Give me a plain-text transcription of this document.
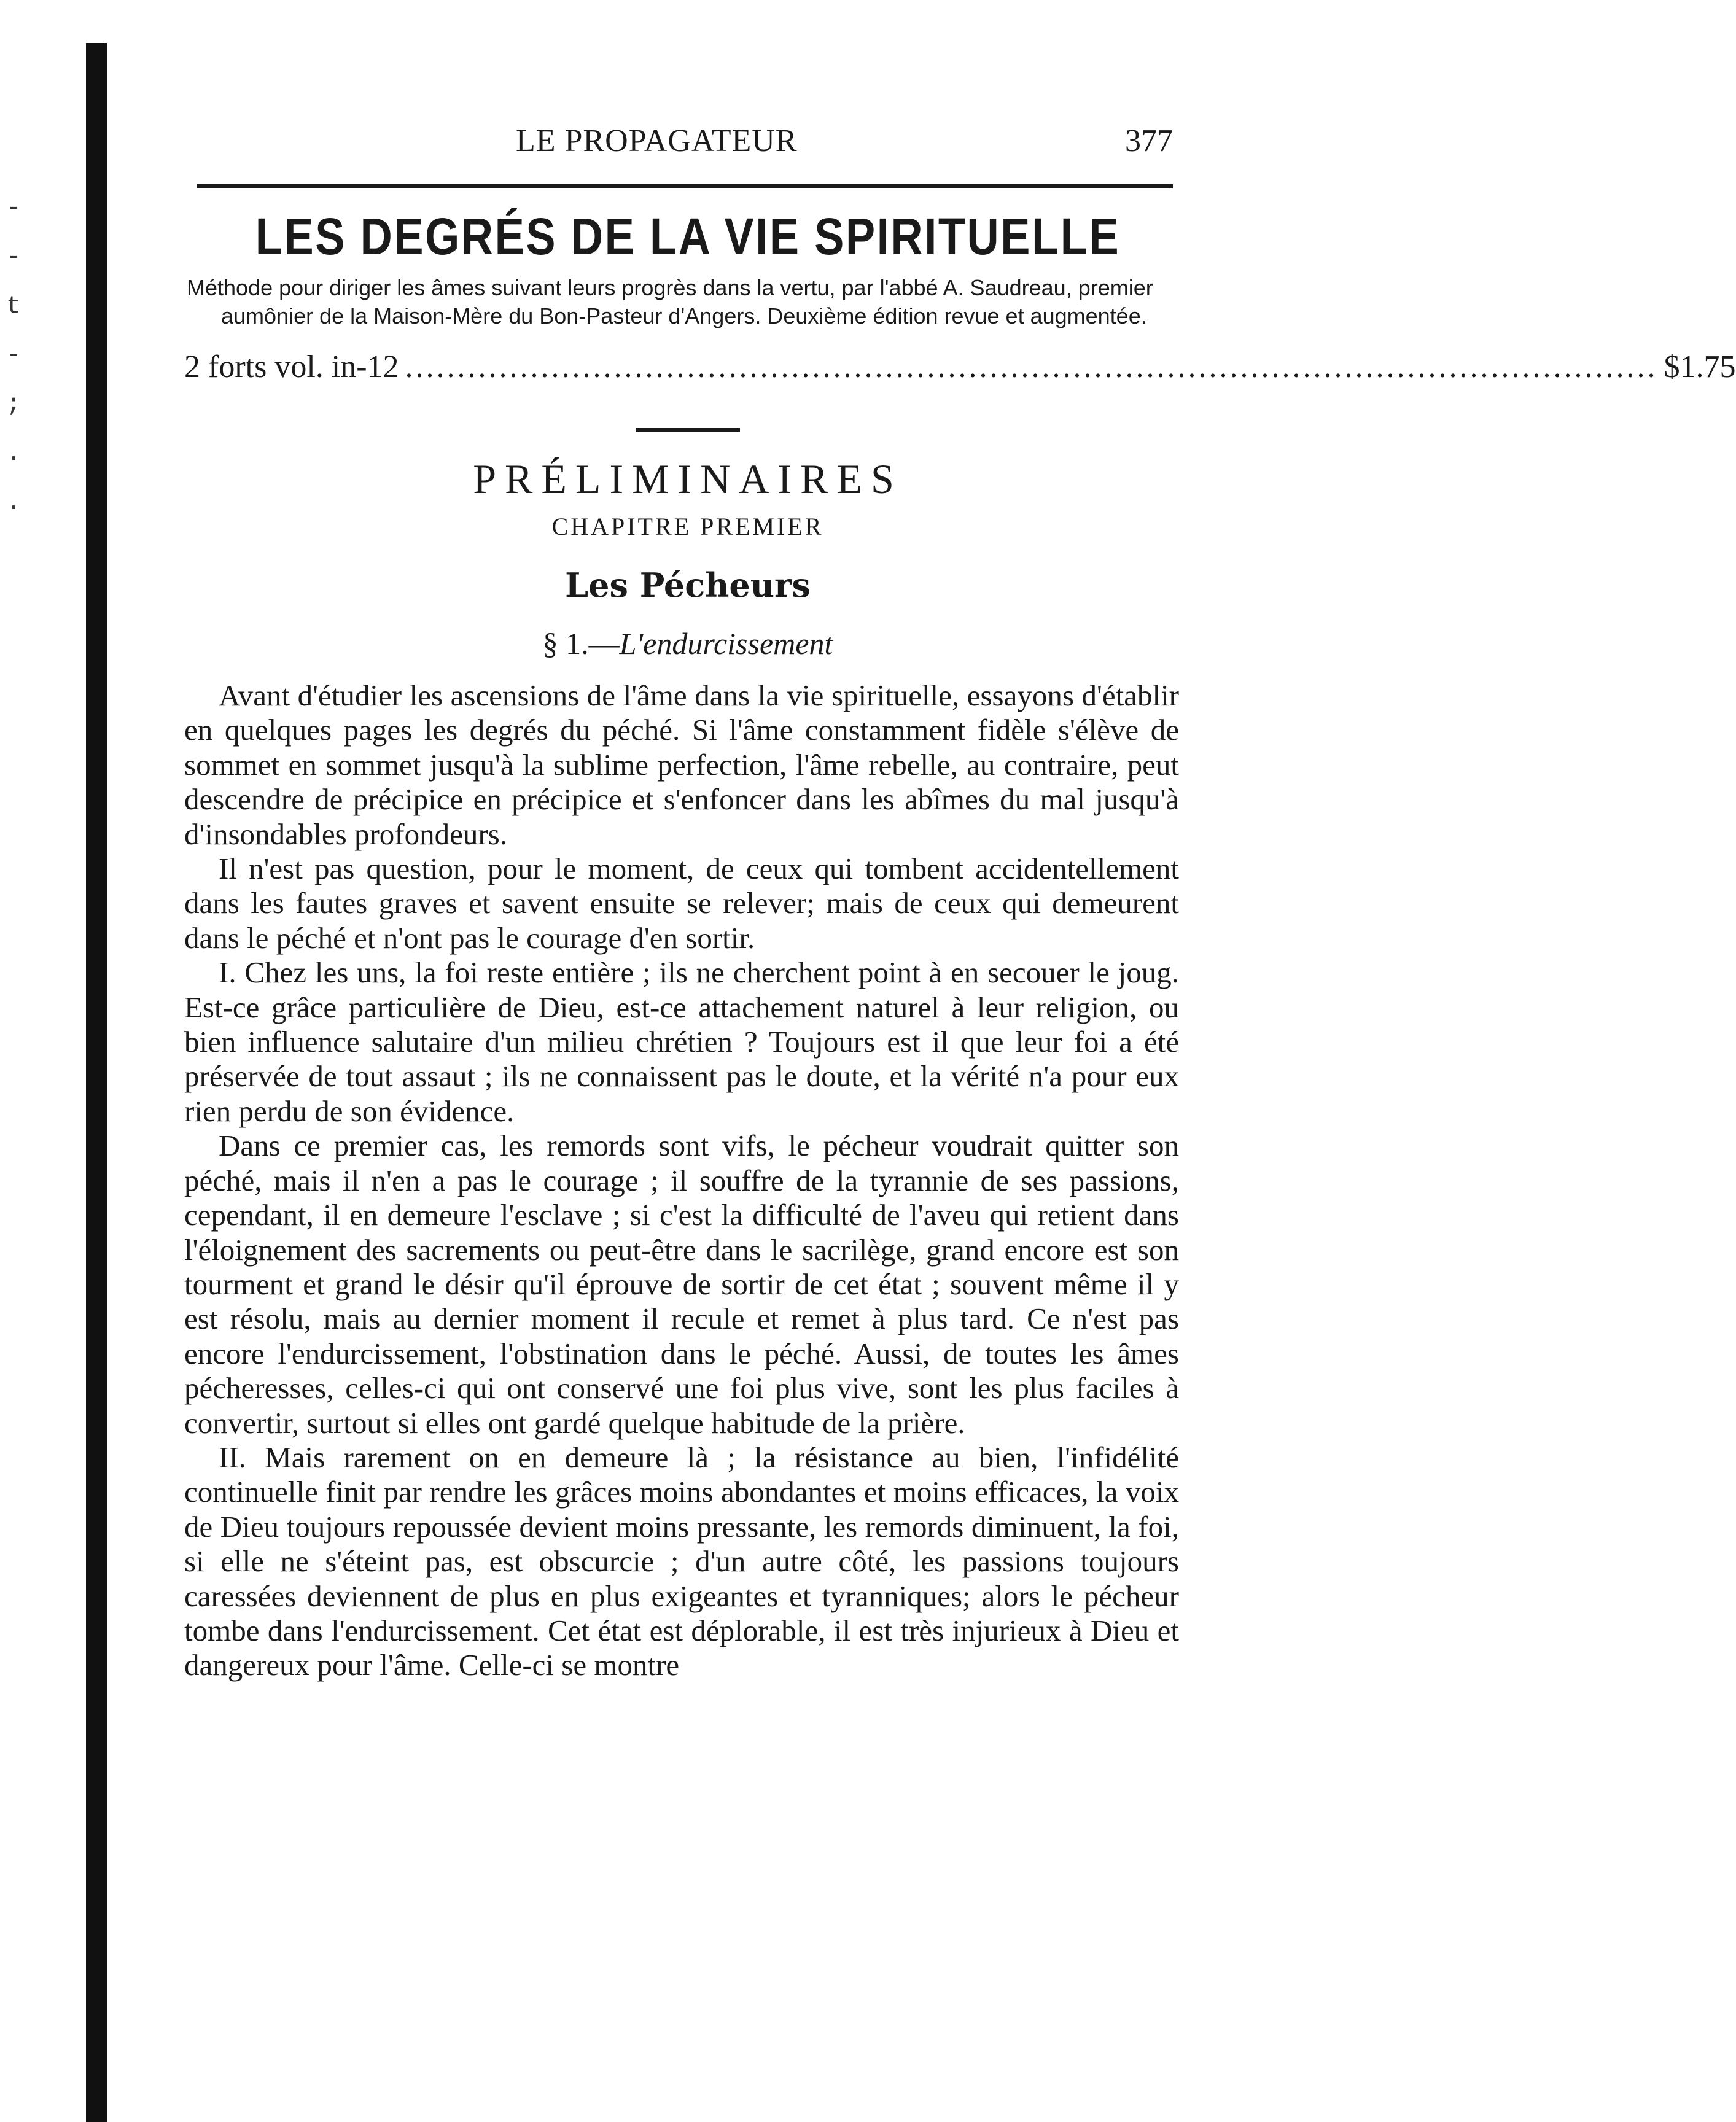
-
-
t
-
;
.
.
LE PROPAGATEUR	377
LES DEGRÉS DE LA VIE SPIRITUELLE
Méthode pour diriger les âmes suivant leurs progrès dans la vertu, par l'abbé A. Saudreau, premier aumônier de la Maison-Mère du Bon-Pasteur d'Angers. Deuxième édition revue et augmentée.
2 forts vol. in-12 ........................................................................................................................ $1.75
PRÉLIMINAIRES
CHAPITRE PREMIER
Les Pécheurs
§ 1.—L'endurcissement

Avant d'étudier les ascensions de l'âme dans la vie spirituelle, essayons d'établir en quelques pages les degrés du péché. Si l'âme constamment fidèle s'élève de sommet en sommet jusqu'à la sublime perfection, l'âme rebelle, au contraire, peut descendre de précipice en précipice et s'enfoncer dans les abîmes du mal jusqu'à d'insondables profondeurs.

Il n'est pas question, pour le moment, de ceux qui tombent accidentellement dans les fautes graves et savent ensuite se relever; mais de ceux qui demeurent dans le péché et n'ont pas le courage d'en sortir.

I. Chez les uns, la foi reste entière ; ils ne cherchent point à en secouer le joug. Est-ce grâce particulière de Dieu, est-ce attachement naturel à leur religion, ou bien influence salutaire d'un milieu chrétien ? Toujours est il que leur foi a été préservée de tout assaut ; ils ne connaissent pas le doute, et la vérité n'a pour eux rien perdu de son évidence.

Dans ce premier cas, les remords sont vifs, le pécheur voudrait quitter son péché, mais il n'en a pas le courage ; il souffre de la tyrannie de ses passions, cependant, il en demeure l'esclave ; si c'est la difficulté de l'aveu qui retient dans l'éloignement des sacrements ou peut-être dans le sacrilège, grand encore est son tourment et grand le désir qu'il éprouve de sortir de cet état ; souvent même il y est résolu, mais au dernier moment il recule et remet à plus tard. Ce n'est pas encore l'endurcissement, l'obstination dans le péché. Aussi, de toutes les âmes pécheresses, celles-ci qui ont conservé une foi plus vive, sont les plus faciles à convertir, surtout si elles ont gardé quelque habitude de la prière.

II. Mais rarement on en demeure là ; la résistance au bien, l'infidélité continuelle finit par rendre les grâces moins abondantes et moins efficaces, la voix de Dieu toujours repoussée devient moins pressante, les remords diminuent, la foi, si elle ne s'éteint pas, est obscurcie ; d'un autre côté, les passions toujours caressées deviennent de plus en plus exigeantes et tyranniques; alors le pécheur tombe dans l'endurcissement. Cet état est déplorable, il est très injurieux à Dieu et dangereux pour l'âme. Celle-ci se montre
